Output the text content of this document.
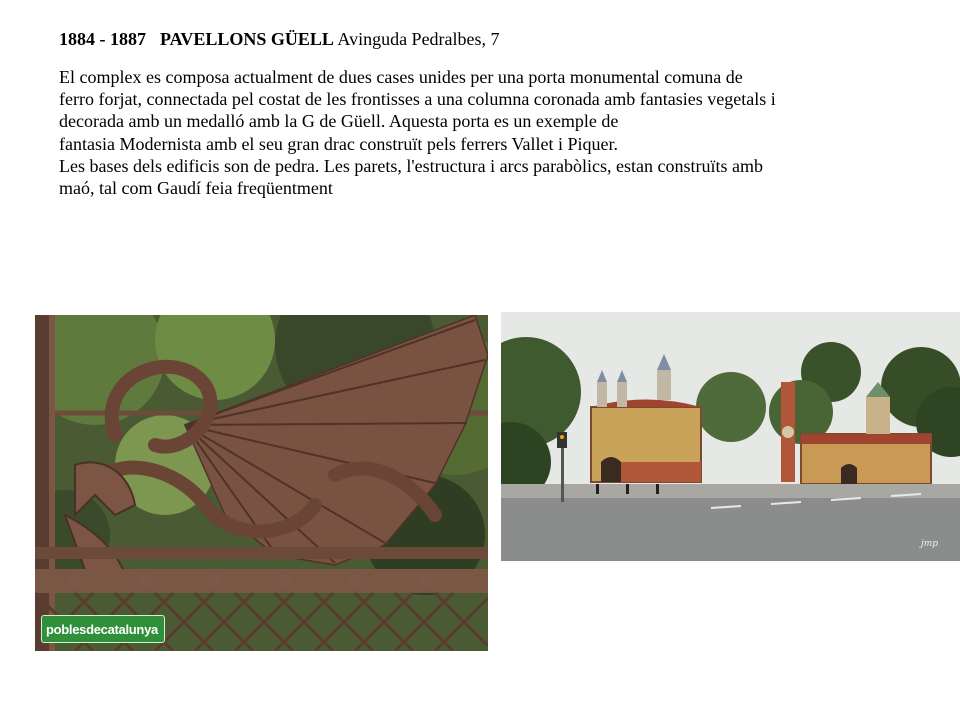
1884 - 1887 PAVELLONS GÜELL Avinguda Pedralbes, 7

El complex es composa actualment de dues cases unides per una porta monumental comuna de

ferro forjat, connectada pel costat de les frontisses a una columna coronada amb fantasies vegetals i

decorada amb un medalló amb la G de Güell. Aquesta porta es un exemple de

fantasia Modernista amb el seu gran drac construït pels ferrers Vallet i Piquer.

Les bases dels edificis son de pedra. Les parets, l'estructura i arcs parabòlics, estan construïts amb

maó, tal com Gaudí feia freqüentment

poblesdecatalunya
jmp
